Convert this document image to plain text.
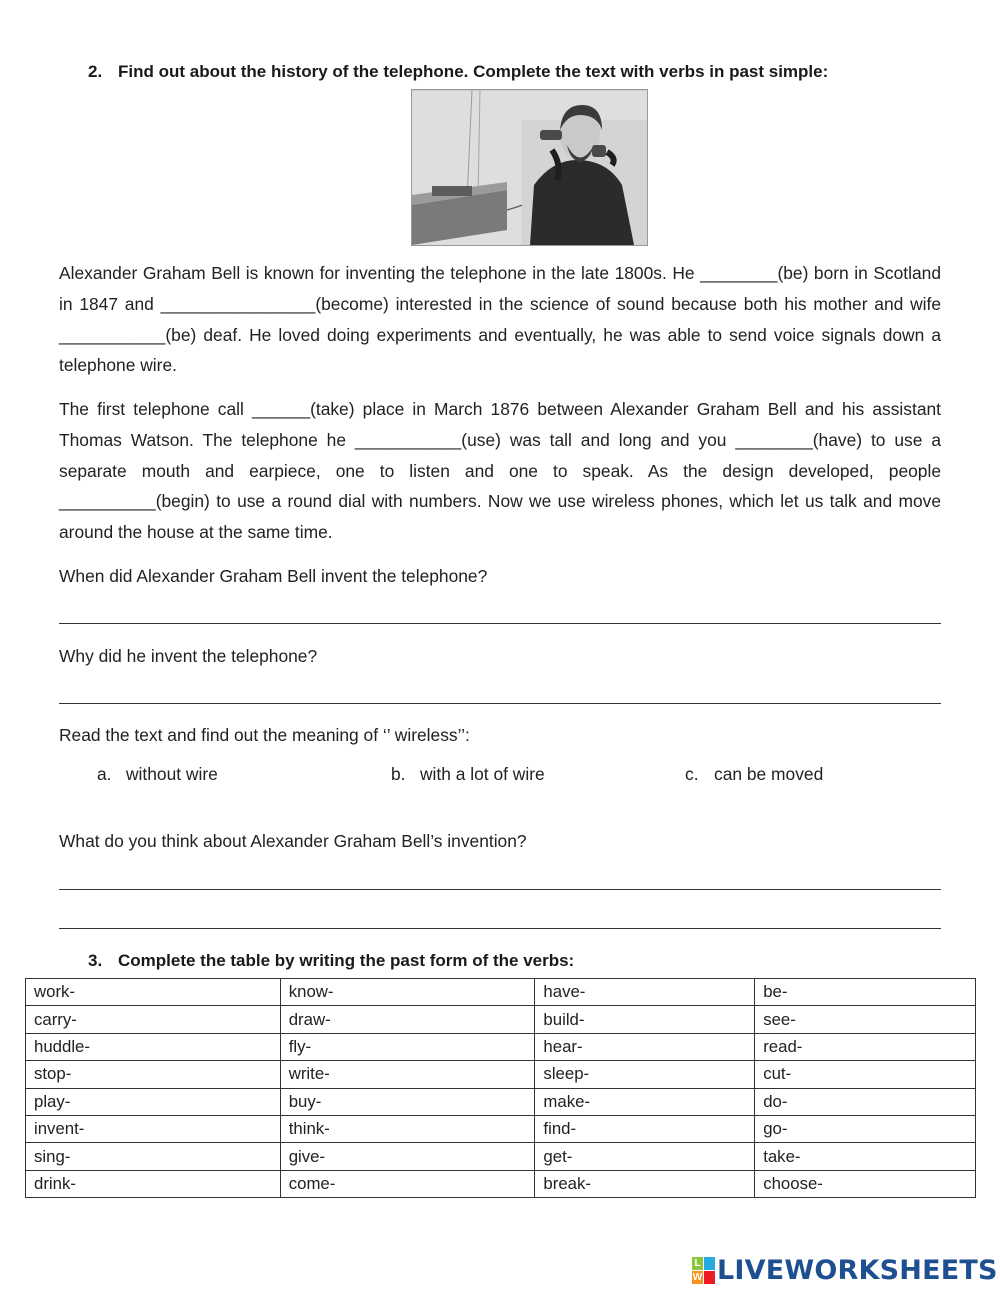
2. Find out about the history of the telephone. Complete the text with verbs in past simple:

Alexander Graham Bell is known for inventing the telephone in the late 1800s. He ________(be) born in Scotland in 1847 and ________________(become) interested in the science of sound because both his mother and wife ___________(be) deaf. He loved doing experiments and eventually, he was able to send voice signals down a telephone wire.

The first telephone call ______(take) place in March 1876 between Alexander Graham Bell and his assistant Thomas Watson. The telephone he ___________(use) was tall and long and you ________(have) to use a separate mouth and earpiece, one to listen and one to speak. As the design developed, people __________(begin) to use a round dial with numbers. Now we use wireless phones, which let us talk and move around the house at the same time.

When did Alexander Graham Bell invent the telephone?
Why did he invent the telephone?
Read the text and find out the meaning of ‘’ wireless’’:
a. without wire	b. with a lot of wire	c. can be moved
What do you think about Alexander Graham Bell’s invention?
3. Complete the table by writing the past form of the verbs:
work-	know-	have-	be-
carry-	draw-	build-	see-
huddle-	fly-	hear-	read-
stop-	write-	sleep-	cut-
play-	buy-	make-	do-
invent-	think-	find-	go-
sing-	give-	get-	take-
drink-	come-	break-	choose-
L
W LIVEWORKSHEETS
